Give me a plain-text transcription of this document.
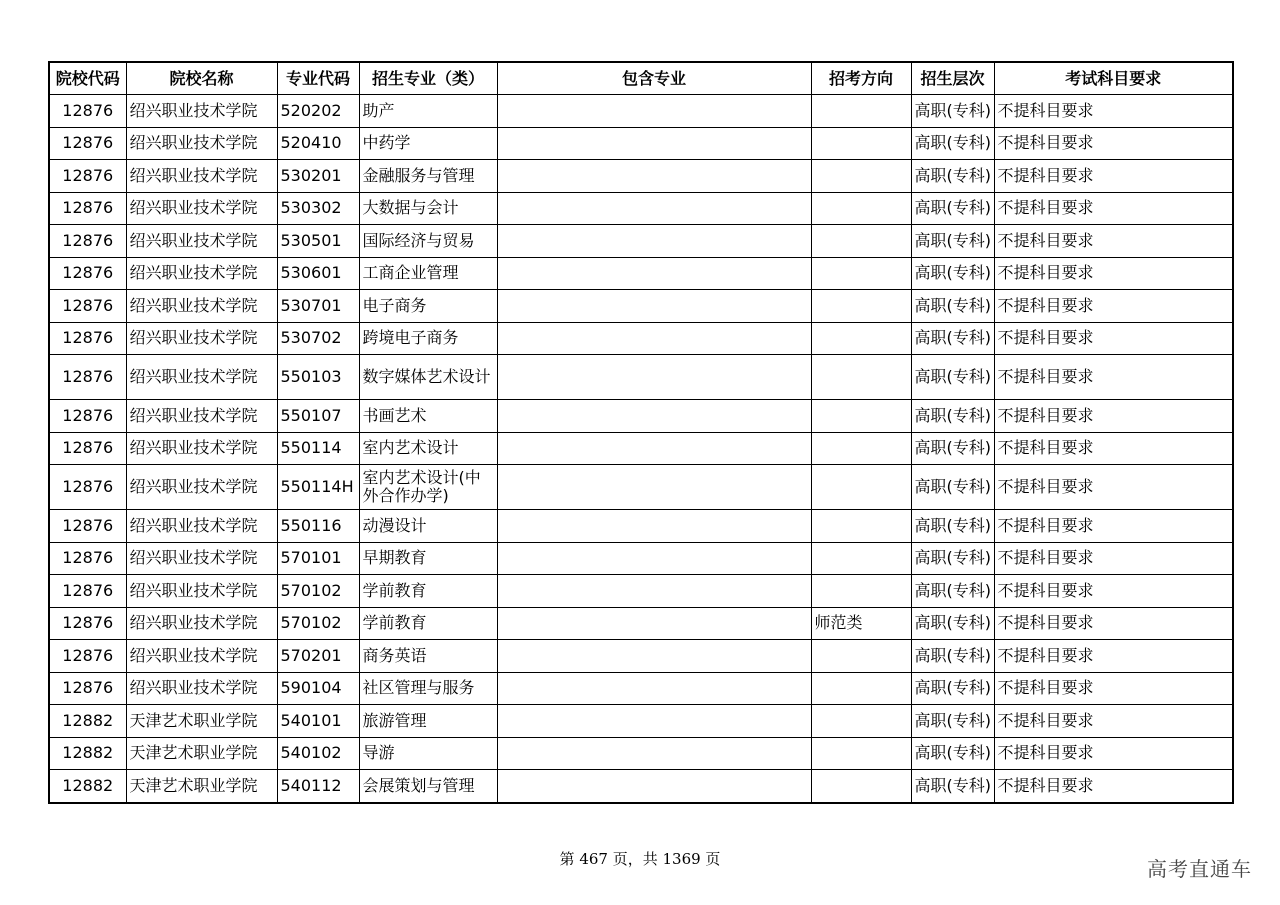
院校代码	院校名称	专业代码	招生专业（类）	包含专业	招考方向	招生层次	考试科目要求
12876	绍兴职业技术学院	520202	助产			高职(专科)	不提科目要求
12876	绍兴职业技术学院	520410	中药学			高职(专科)	不提科目要求
12876	绍兴职业技术学院	530201	金融服务与管理			高职(专科)	不提科目要求
12876	绍兴职业技术学院	530302	大数据与会计			高职(专科)	不提科目要求
12876	绍兴职业技术学院	530501	国际经济与贸易			高职(专科)	不提科目要求
12876	绍兴职业技术学院	530601	工商企业管理			高职(专科)	不提科目要求
12876	绍兴职业技术学院	530701	电子商务			高职(专科)	不提科目要求
12876	绍兴职业技术学院	530702	跨境电子商务			高职(专科)	不提科目要求
12876	绍兴职业技术学院	550103	数字媒体艺术设计			高职(专科)	不提科目要求
12876	绍兴职业技术学院	550107	书画艺术			高职(专科)	不提科目要求
12876	绍兴职业技术学院	550114	室内艺术设计			高职(专科)	不提科目要求
12876	绍兴职业技术学院	550114H	室内艺术设计(中外合作办学)			高职(专科)	不提科目要求
12876	绍兴职业技术学院	550116	动漫设计			高职(专科)	不提科目要求
12876	绍兴职业技术学院	570101	早期教育			高职(专科)	不提科目要求
12876	绍兴职业技术学院	570102	学前教育			高职(专科)	不提科目要求
12876	绍兴职业技术学院	570102	学前教育		师范类	高职(专科)	不提科目要求
12876	绍兴职业技术学院	570201	商务英语			高职(专科)	不提科目要求
12876	绍兴职业技术学院	590104	社区管理与服务			高职(专科)	不提科目要求
12882	天津艺术职业学院	540101	旅游管理			高职(专科)	不提科目要求
12882	天津艺术职业学院	540102	导游			高职(专科)	不提科目要求
12882	天津艺术职业学院	540112	会展策划与管理			高职(专科)	不提科目要求
第 467 页，共 1369 页	高考直通车
